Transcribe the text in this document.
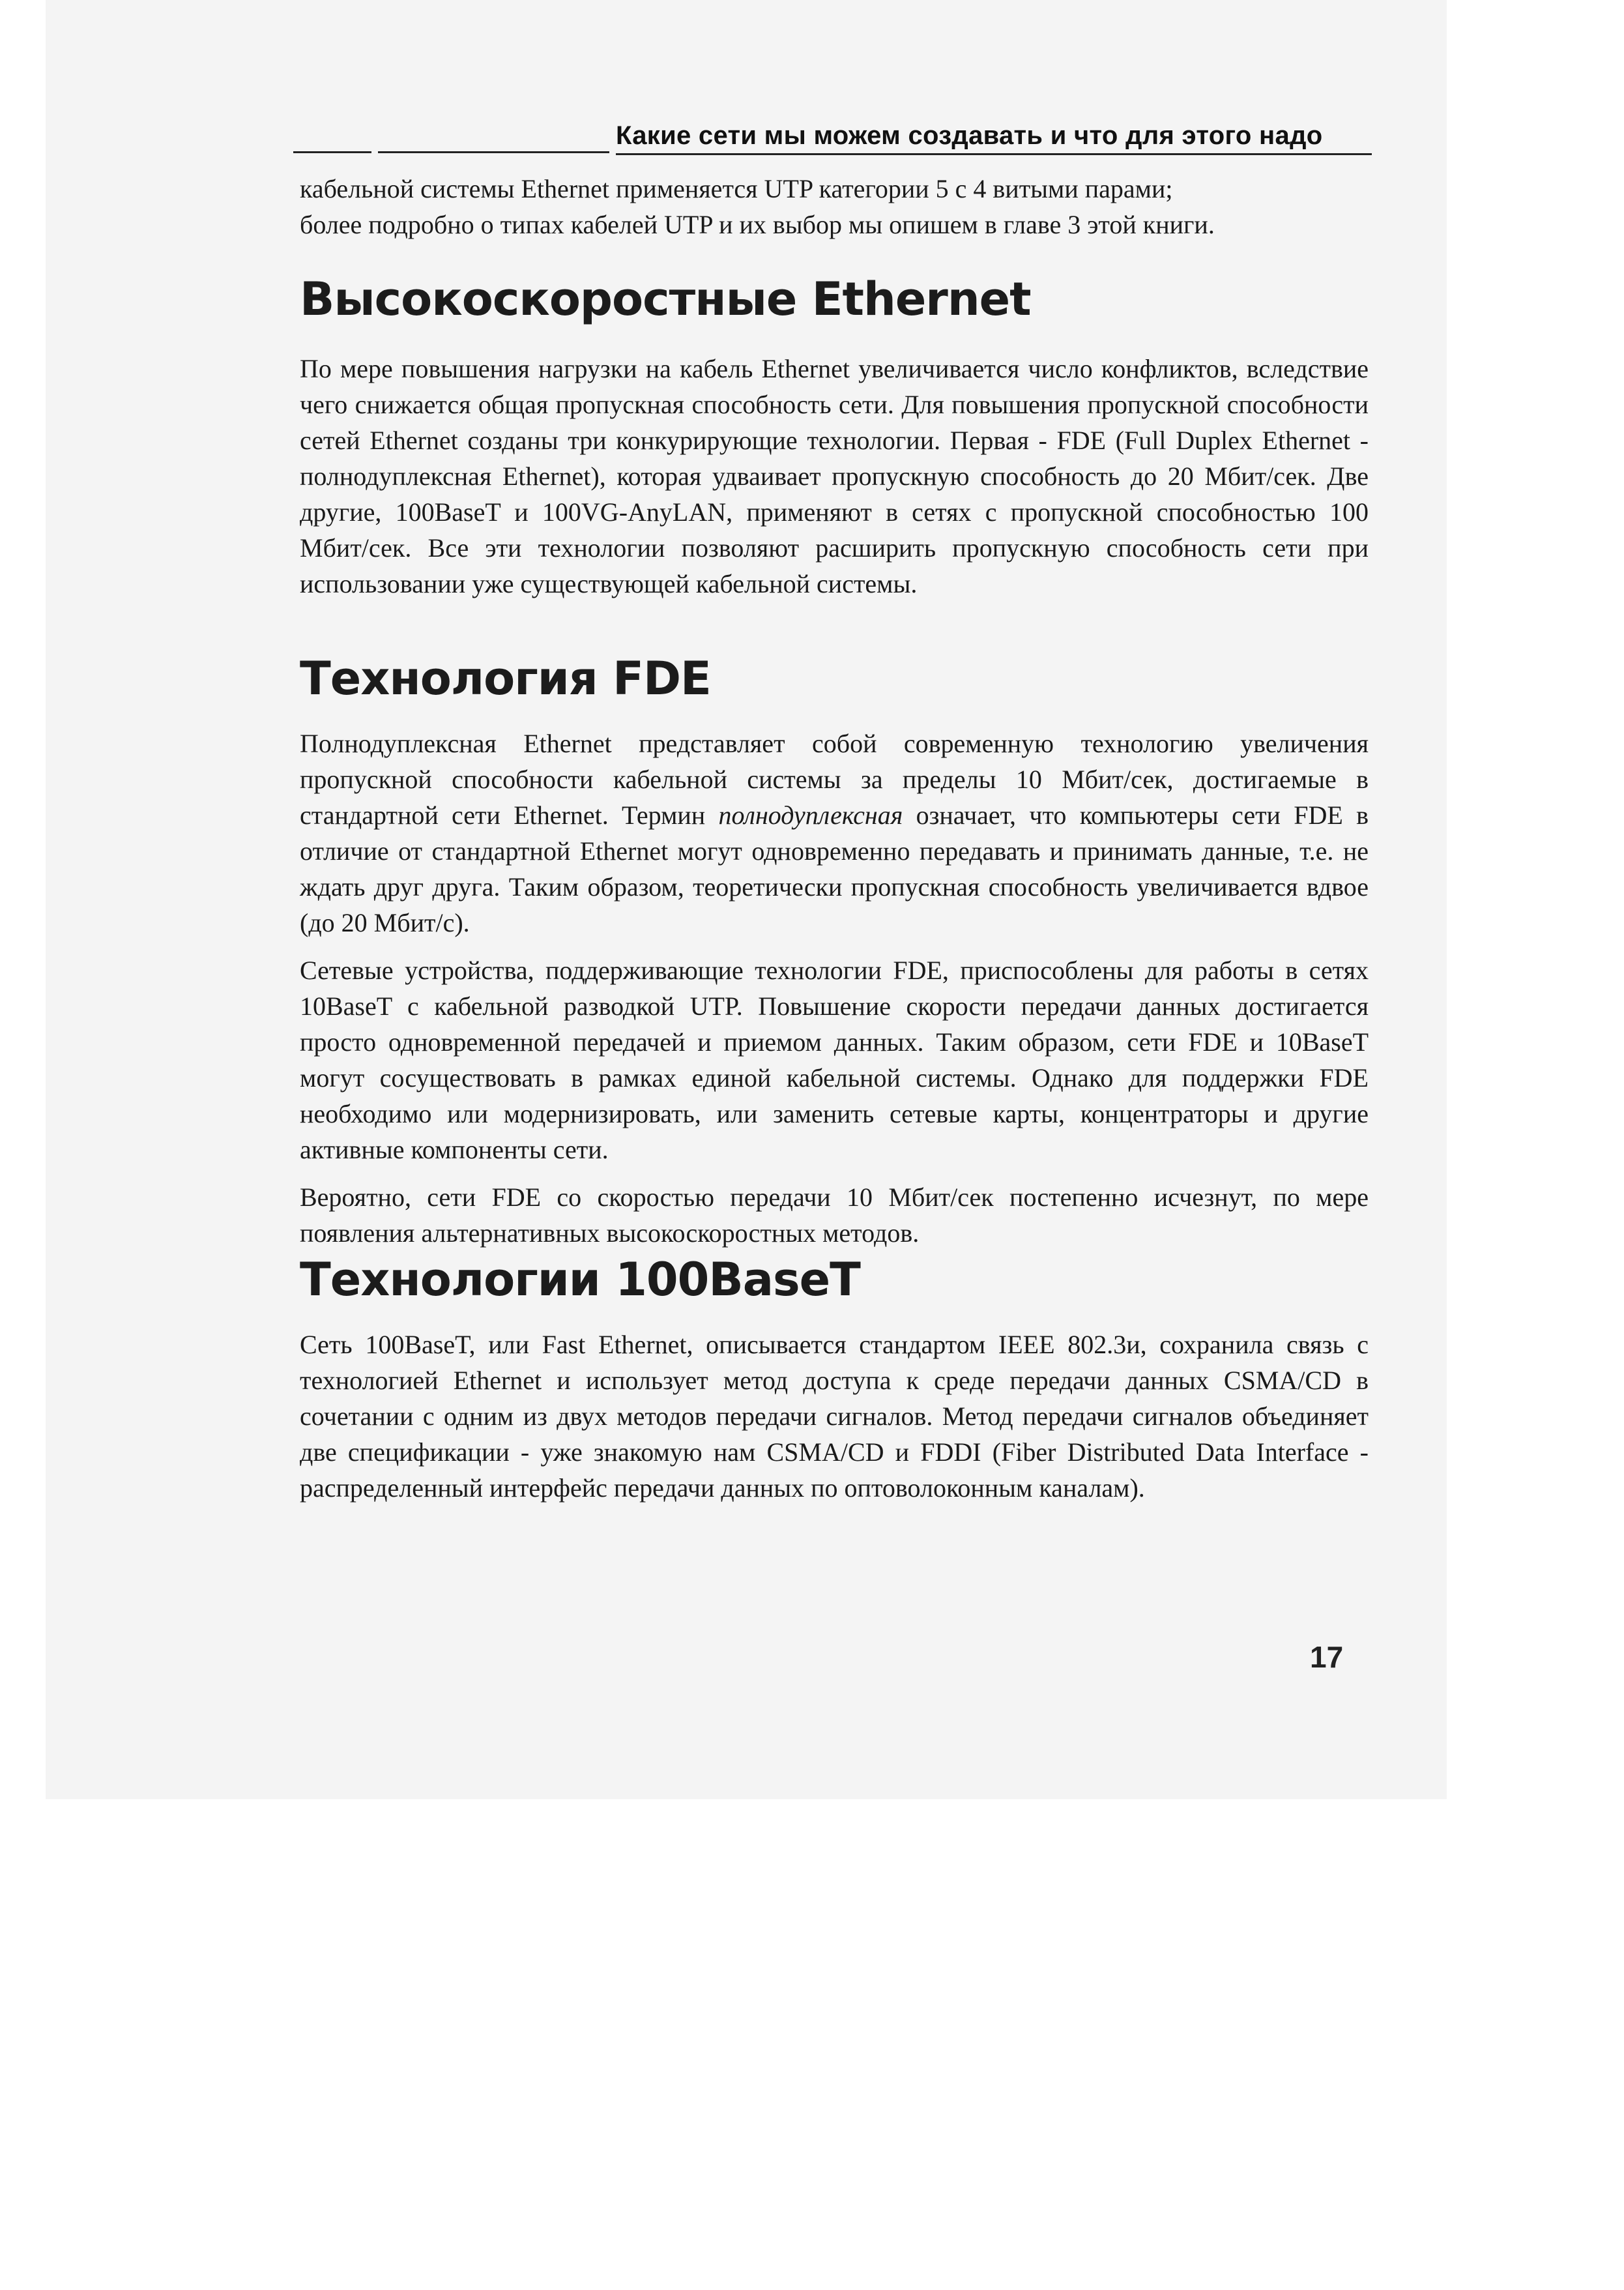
Какие сети мы можем создавать и что для этого надо

кабельной системы Ethernet применяется UTP категории 5 с 4 витыми парами;

более подробно о типах кабелей UTP и их выбор мы опишем в главе 3 этой книги.

Высокоскоростные Ethernet

По мере повышения нагрузки на кабель Ethernet увеличивается число конфликтов, вследствие чего снижается общая пропускная способность сети. Для повышения пропускной способности сетей Ethernet созданы три конкурирующие технологии. Первая - FDE (Full Duplex Ethernet - полнодуплексная Ethernet), которая удваивает пропускную способность до 20 Мбит/сек. Две другие, 100BaseT и 100VG-AnyLAN, применяют в сетях с пропускной способностью 100 Мбит/сек. Все эти технологии позволяют расширить пропускную способность сети при использовании уже существующей кабельной системы.

Технология FDE

Полнодуплексная Ethernet представляет собой современную технологию увеличения пропускной способности кабельной системы за пределы 10 Мбит/сек, достигаемые в стандартной сети Ethernet. Термин полнодуплексная означает, что компьютеры сети FDE в отличие от стандартной Ethernet могут одновременно передавать и принимать данные, т.е. не ждать друг друга. Таким образом, теоретически пропускная способность увеличивается вдвое (до 20 Мбит/с).

Сетевые устройства, поддерживающие технологии FDE, приспособлены для работы в сетях 10BaseT с кабельной разводкой UTP. Повышение скорости передачи данных достигается просто одновременной передачей и приемом данных. Таким образом, сети FDE и 10BaseT могут сосуществовать в рамках единой кабельной системы. Однако для поддержки FDE необходимо или модернизировать, или заменить сетевые карты, концентраторы и другие активные компоненты сети.

Вероятно, сети FDE со скоростью передачи 10 Мбит/сек постепенно исчезнут, по мере появления альтернативных высокоскоростных методов.

Технологии 100BaseT

Сеть 100BaseT, или Fast Ethernet, описывается стандартом IEEE 802.3и, сохранила связь с технологией Ethernet и использует метод доступа к среде передачи данных CSMA/CD в сочетании с одним из двух методов передачи сигналов. Метод передачи сигналов объединяет две спецификации - уже знакомую нам CSMA/CD и FDDI (Fiber Distributed Data Interface - распределенный интерфейс передачи данных по оптоволоконным каналам).

17
